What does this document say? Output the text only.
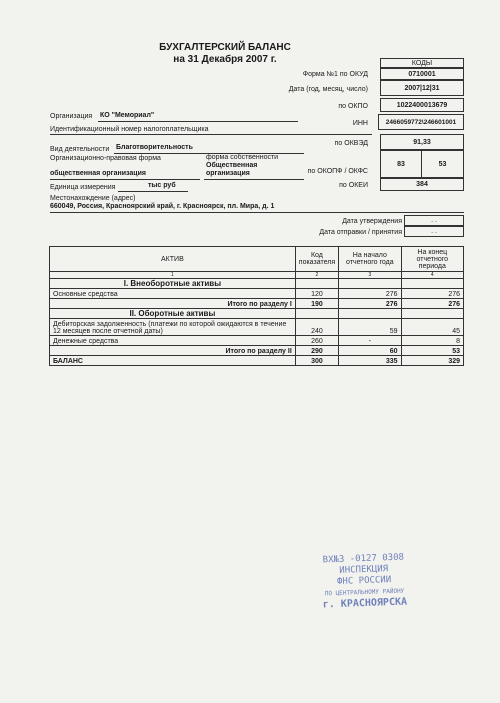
БУХГАЛТЕРСКИЙ БАЛАНС
на 31 Декабря 2007 г.	КОДЫ
Форма №1 по ОКУД	0710001
Дата (год, месяц, число)	2007|12|31
по ОКПО	1022400013679
Организация КО "Мемориал"
ИНН	2466059772\246601001
Идентификационный номер налогоплательщика
по ОКВЭД	91,33
Вид деятельности Благотворительность
Организационно-правовая форма	форма собственности
Общественная
организация
общественная организация	по ОКОПФ / ОКФС
83	53
Единица измерения	тыс руб	по ОКЕИ	384
Местонахождение (адрес)
660049, Россия, Красноярский край, г. Красноярск, пл. Мира, д. 1
Дата утверждения	. .
Дата отправки / принятия	. .
АКТИВ	Код показателя	На начало отчетного года	На конец отчетного периода
1	2	3	4
I. Внеоборотные активы			
Основные средства	120	276	276
Итого по разделу I	190	276	276
II. Оборотные активы			
Дебиторская задолженность (платежи по которой ожидаются в течение 12 месяцев после отчетной даты)	240	59	45
Денежные средства	260	-	8
Итого по разделу II	290	60	53
БАЛАНС	300	335	329
ВХ№3 -0127 0308
ИНСПЕКЦИЯ
ФНС РОССИИ
ПО ЦЕНТРАЛЬНОМУ РАЙОНУ
г. КРАСНОЯРСКА
